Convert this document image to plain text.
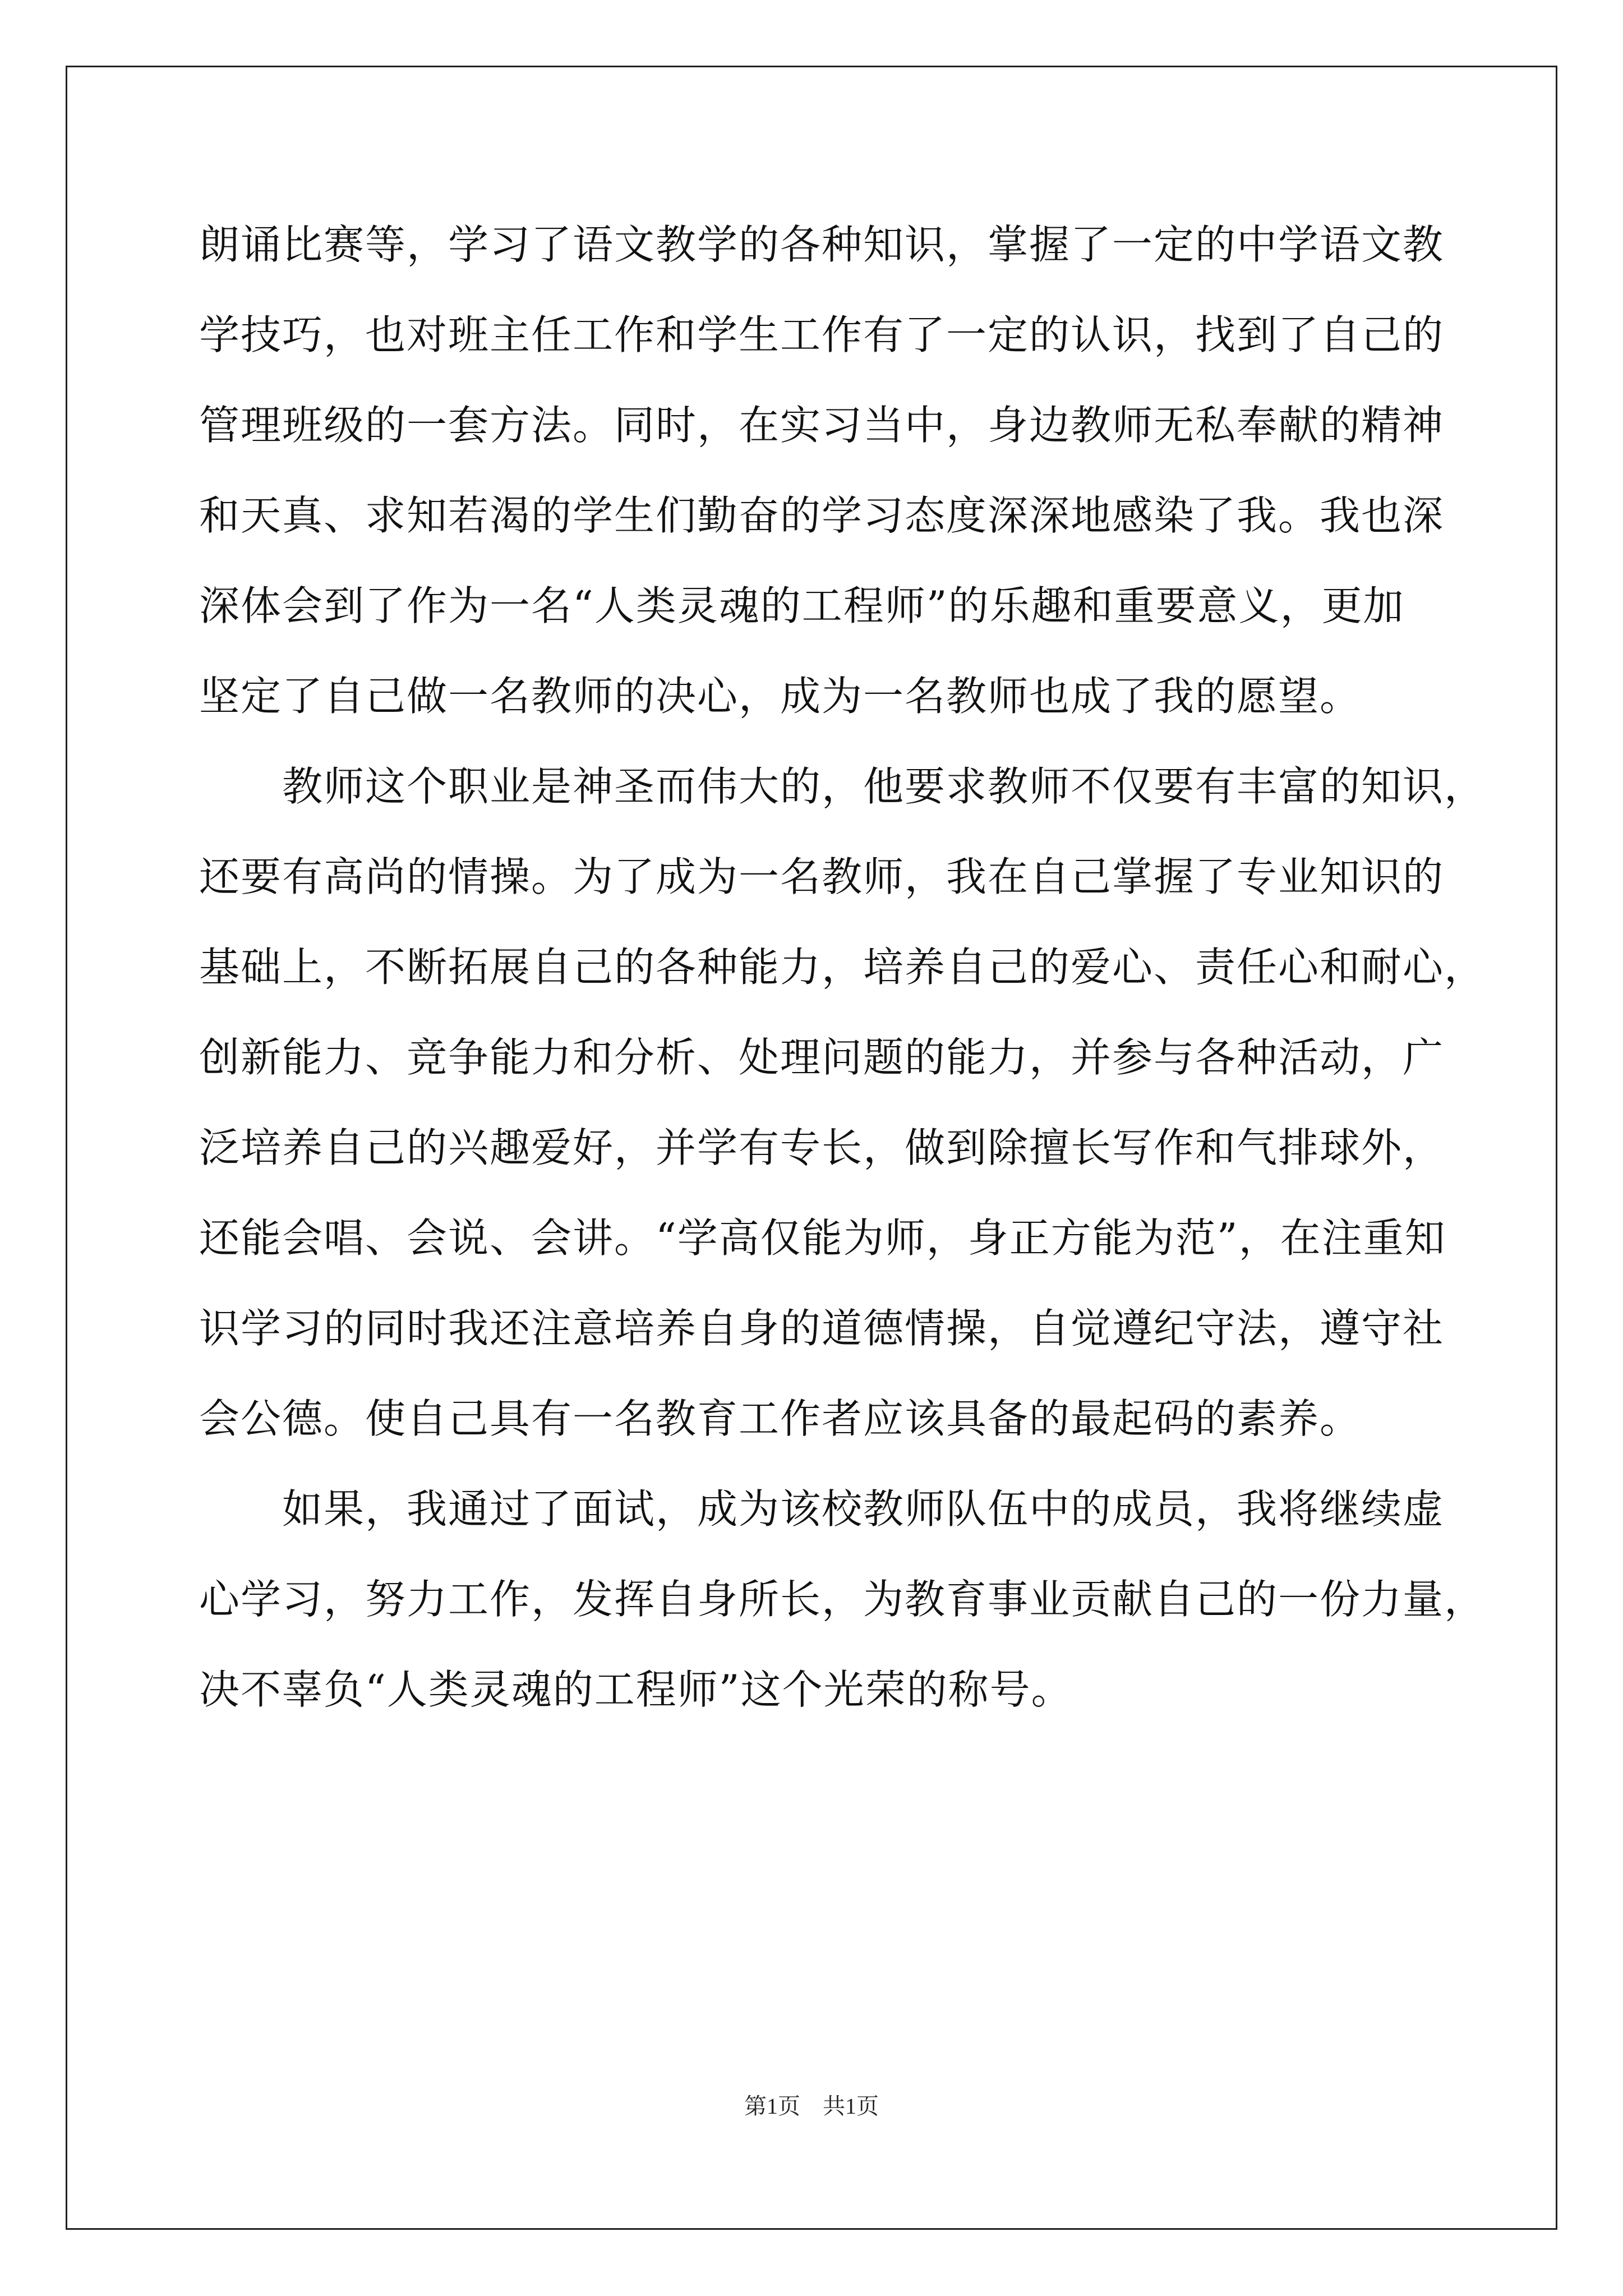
朗诵比赛等，学习了语文教学的各种知识，掌握了一定的中学语文教
学技巧，也对班主任工作和学生工作有了一定的认识，找到了自己的
管理班级的一套方法。同时，在实习当中，身边教师无私奉献的精神
和天真、求知若渴的学生们勤奋的学习态度深深地感染了我。我也深
深体会到了作为一名“人类灵魂的工程师”的乐趣和重要意义，更加
坚定了自己做一名教师的决心，成为一名教师也成了我的愿望。
教师这个职业是神圣而伟大的，他要求教师不仅要有丰富的知识，
还要有高尚的情操。为了成为一名教师，我在自己掌握了专业知识的
基础上，不断拓展自己的各种能力，培养自己的爱心、责任心和耐心，
创新能力、竞争能力和分析、处理问题的能力，并参与各种活动，广
泛培养自己的兴趣爱好，并学有专长，做到除擅长写作和气排球外，
还能会唱、会说、会讲。“学高仅能为师，身正方能为范”，在注重知
识学习的同时我还注意培养自身的道德情操，自觉遵纪守法，遵守社
会公德。使自己具有一名教育工作者应该具备的最起码的素养。
如果，我通过了面试，成为该校教师队伍中的成员，我将继续虚
心学习，努力工作，发挥自身所长，为教育事业贡献自己的一份力量，
决不辜负“人类灵魂的工程师”这个光荣的称号。
第1页 共1页
